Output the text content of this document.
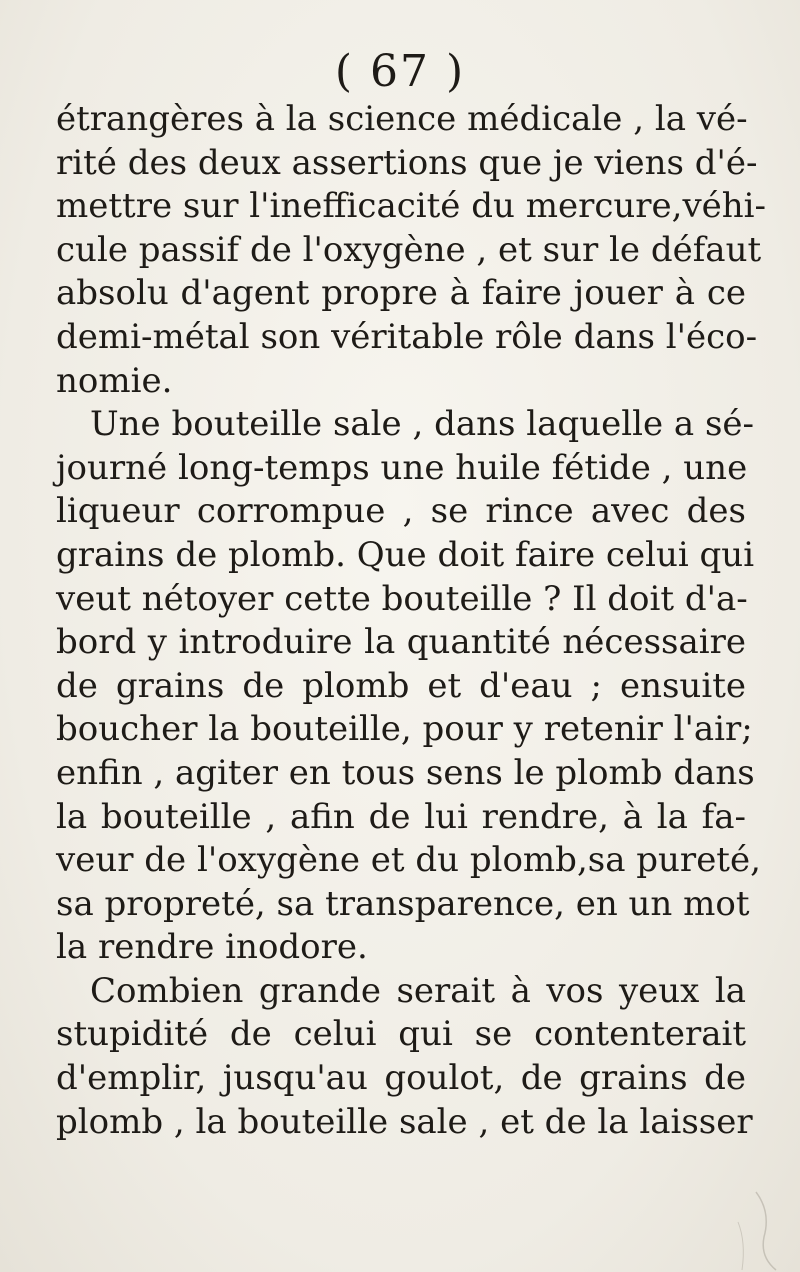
( 67 )
étrangères à la science médicale , la vé-
rité des deux assertions que je viens d'é-
mettre sur l'inefficacité du mercure,véhi-
cule passif de l'oxygène , et sur le défaut
absolu d'agent propre à faire jouer à ce
demi-métal son véritable rôle dans l'éco-
nomie.
Une bouteille sale , dans laquelle a sé-
journé long-temps une huile fétide , une
liqueur corrompue , se rince avec des
grains de plomb. Que doit faire celui qui
veut nétoyer cette bouteille ? Il doit d'a-
bord y introduire la quantité nécessaire
de grains de plomb et d'eau ; ensuite
boucher la bouteille, pour y retenir l'air;
enfin , agiter en tous sens le plomb dans
la bouteille , afin de lui rendre, à la fa-
veur de l'oxygène et du plomb,sa pureté,
sa propreté, sa transparence, en un mot
la rendre inodore.
Combien grande serait à vos yeux la
stupidité de celui qui se contenterait
d'emplir, jusqu'au goulot, de grains de
plomb , la bouteille sale , et de la laisser
